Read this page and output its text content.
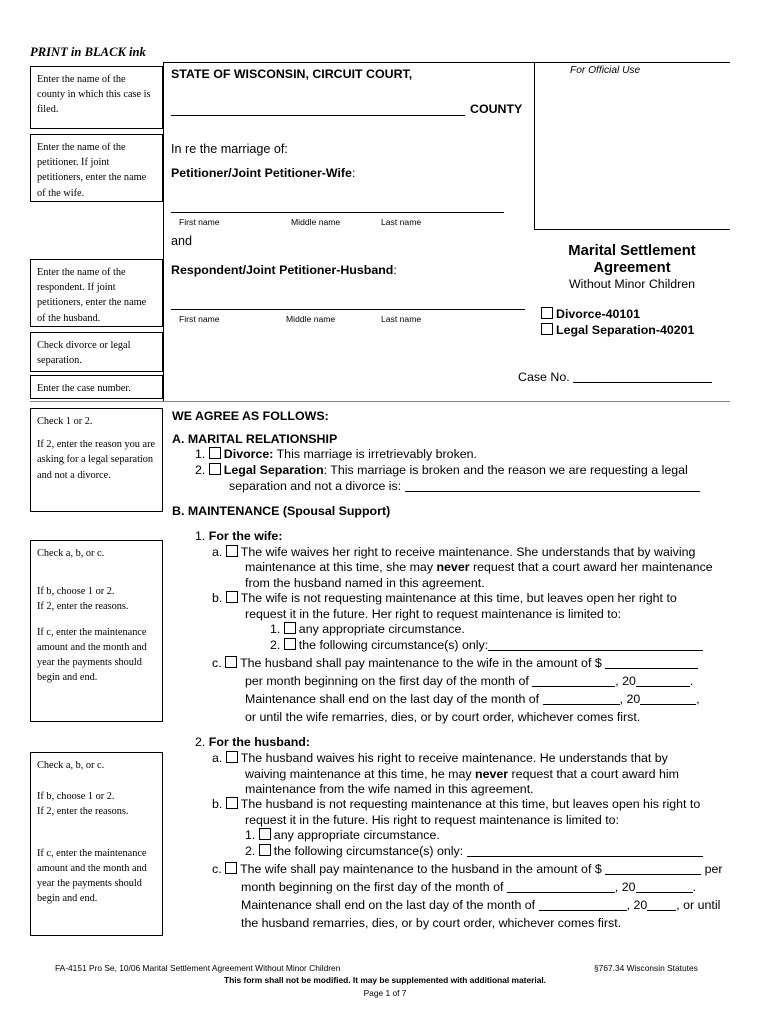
PRINT in BLACK ink

Enter the name of the county in which this case is filed.

Enter the name of the petitioner. If joint petitioners, enter the name of the wife.

Enter the name of the respondent. If joint petitioners, enter the name of the husband.

Check divorce or legal separation.

Enter the case number.

Check 1 or 2.

If 2, enter the reason you are asking for a legal separation and not a divorce.

Check a, b, or c.

If b, choose 1 or 2.

If 2, enter the reasons.

If c, enter the maintenance amount and the month and year the payments should begin and end.

Check a, b, or c.

If b, choose 1 or 2.

If 2, enter the reasons.

If c, enter the maintenance amount and the month and year the payments should begin and end.

STATE OF WISCONSIN, CIRCUIT COURT,	For Official Use
COUNTY
In re the marriage of:
Petitioner/Joint Petitioner-Wife:
First name	Middle name	Last name
and
Respondent/Joint Petitioner-Husband:
First name	Middle name	Last name
Marital Settlement
Agreement
Without Minor Children
Divorce-40101
Legal Separation-40201
Case No.
WE AGREE AS FOLLOWS:
A. MARITAL RELATIONSHIP
1. Divorce: This marriage is irretrievably broken.
2. Legal Separation: This marriage is broken and the reason we are requesting a legal
separation and not a divorce is:
B. MAINTENANCE (Spousal Support)
1. For the wife:
a. The wife waives her right to receive maintenance. She understands that by waiving
maintenance at this time, she may never request that a court award her maintenance
from the husband named in this agreement.
b. The wife is not requesting maintenance at this time, but leaves open her right to
request it in the future. Her right to request maintenance is limited to:
1. any appropriate circumstance.
2. the following circumstance(s) only:
c. The husband shall pay maintenance to the wife in the amount of $
per month beginning on the first day of the month of	, 20	.
Maintenance shall end on the last day of the month of	, 20	,
or until the wife remarries, dies, or by court order, whichever comes first.
2. For the husband:
a. The husband waives his right to receive maintenance. He understands that by
waiving maintenance at this time, he may never request that a court award him
maintenance from the wife named in this agreement.
b. The husband is not requesting maintenance at this time, but leaves open his right to
request it in the future. His right to request maintenance is limited to:
1. any appropriate circumstance.
2. the following circumstance(s) only:
c. The wife shall pay maintenance to the husband in the amount of $	per
month beginning on the first day of the month of	, 20	.
Maintenance shall end on the last day of the month of	, 20 , or until
the husband remarries, dies, or by court order, whichever comes first.
FA-4151 Pro Se, 10/06 Marital Settlement Agreement Without Minor Children	§767.34 Wisconsin Statutes
This form shall not be modified. It may be supplemented with additional material.
Page 1 of 7
